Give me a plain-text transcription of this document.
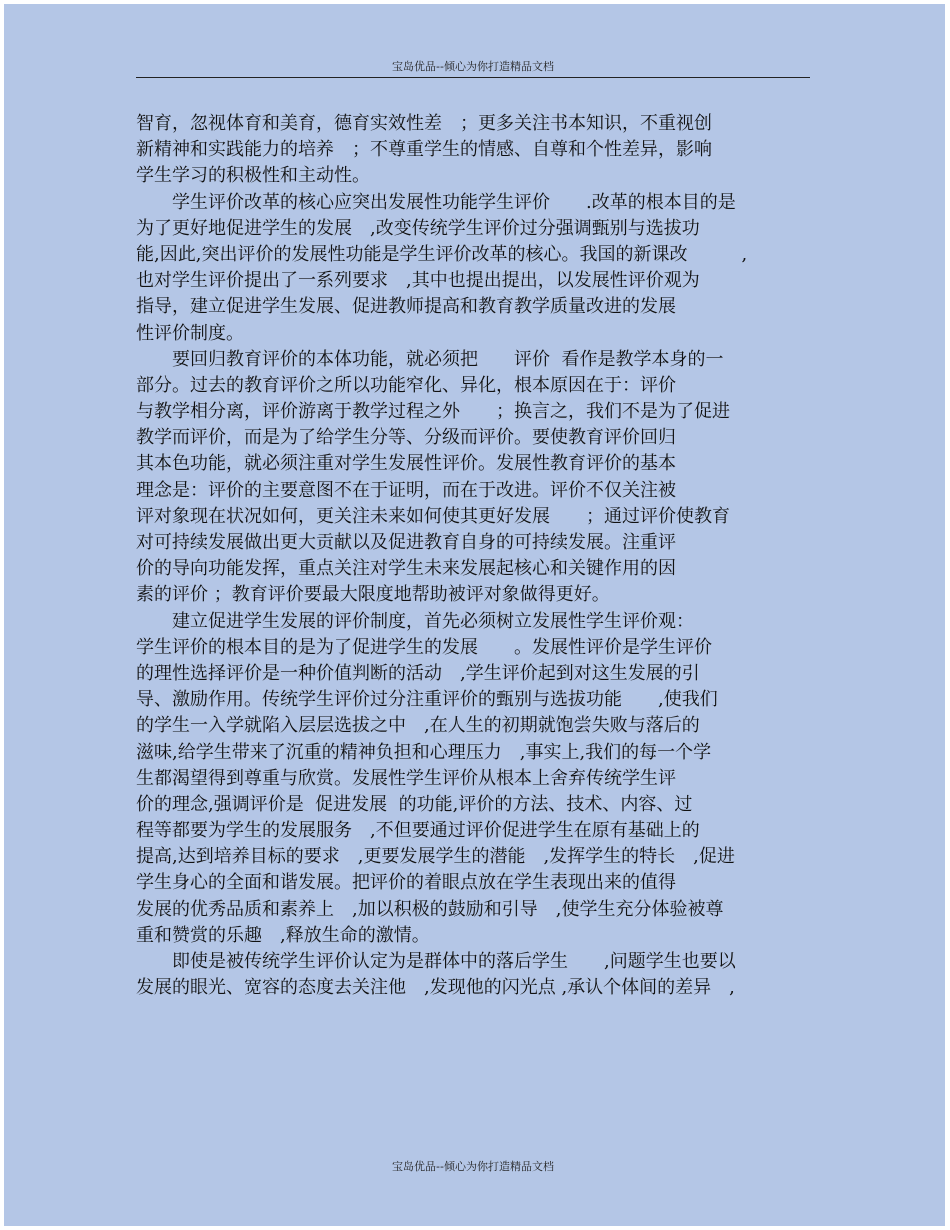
宝岛优品--倾心为你打造精品文档
智育，忽视体育和美育，德育实效性差　；更多关注书本知识，不重视创
新精神和实践能力的培养　；不尊重学生的情感、自尊和个性差异，影响
学生学习的积极性和主动性。
　　学生评价改革的核心应突出发展性功能学生评价　　.改革的根本目的是
为了更好地促进学生的发展　,改变传统学生评价过分强调甄别与选拔功
能,因此,突出评价的发展性功能是学生评价改革的核心。我国的新课改　　　,
也对学生评价提出了一系列要求　,其中也提出提出，以发展性评价观为
指导，建立促进学生发展、促进教师提高和教育教学质量改进的发展
性评价制度。
　　要回归教育评价的本体功能，就必须把　　评价  看作是教学本身的一
部分。过去的教育评价之所以功能窄化、异化，根本原因在于：评价
与教学相分离，评价游离于教学过程之外　　；换言之，我们不是为了促进
教学而评价，而是为了给学生分等、分级而评价。要使教育评价回归
其本色功能，就必须注重对学生发展性评价。发展性教育评价的基本
理念是：评价的主要意图不在于证明，而在于改进。评价不仅关注被
评对象现在状况如何，更关注未来如何使其更好发展　　；通过评价使教育
对可持续发展做出更大贡献以及促进教育自身的可持续发展。注重评
价的导向功能发挥，重点关注对学生未来发展起核心和关键作用的因
素的评价 ；教育评价要最大限度地帮助被评对象做得更好。
　　建立促进学生发展的评价制度，首先必须树立发展性学生评价观：
学生评价的根本目的是为了促进学生的发展　　。发展性评价是学生评价
的理性选择评价是一种价值判断的活动　,学生评价起到对这生发展的引
导、激励作用。传统学生评价过分注重评价的甄别与选拔功能　　,使我们
的学生一入学就陷入层层选拔之中　,在人生的初期就饱尝失败与落后的
滋味,给学生带来了沉重的精神负担和心理压力　,事实上,我们的每一个学
生都渴望得到尊重与欣赏。发展性学生评价从根本上舍弃传统学生评
价的理念,强调评价是  促进发展  的功能,评价的方法、技术、内容、过
程等都要为学生的发展服务　,不但要通过评价促进学生在原有基础上的
提高,达到培养目标的要求　,更要发展学生的潜能　,发挥学生的特长　,促进
学生身心的全面和谐发展。把评价的着眼点放在学生表现出来的值得
发展的优秀品质和素养上　,加以积极的鼓励和引导　,使学生充分体验被尊
重和赞赏的乐趣　,释放生命的激情。
　　即使是被传统学生评价认定为是群体中的落后学生　　,问题学生也要以
发展的眼光、宽容的态度去关注他　,发现他的闪光点 ,承认个体间的差异　,
宝岛优品--倾心为你打造精品文档
